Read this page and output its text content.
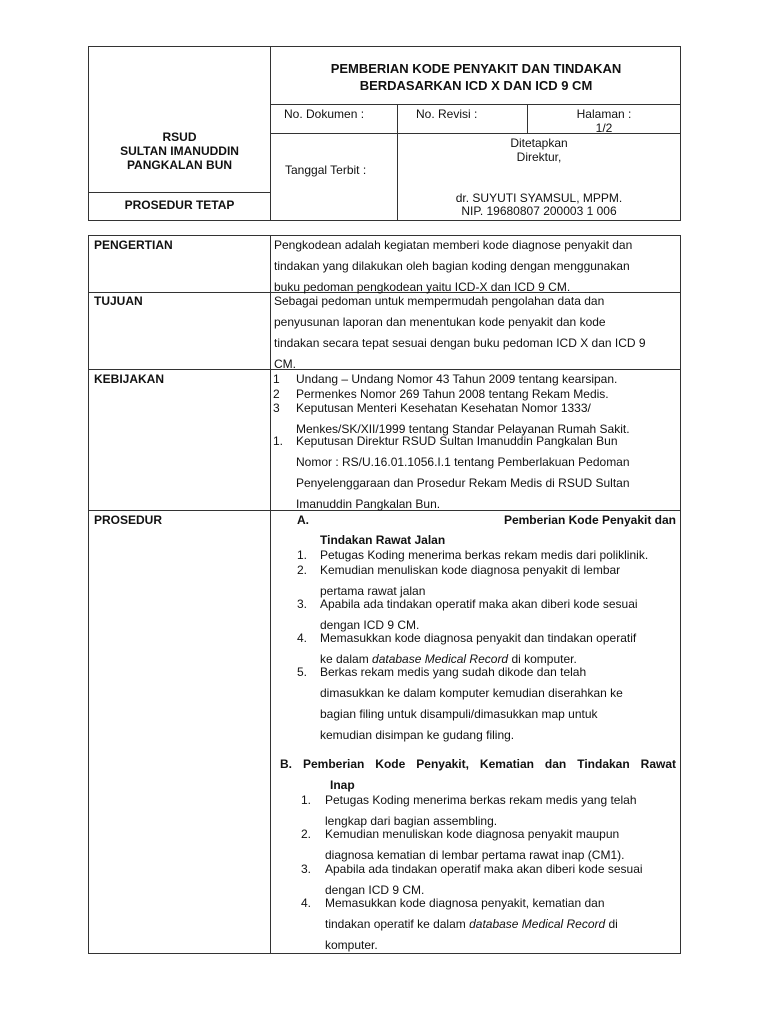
RSUD
SULTAN IMANUDDIN
PANGKALAN BUN
PEMBERIAN KODE PENYAKIT DAN TINDAKAN
BERDASARKAN ICD X DAN ICD 9 CM
No. Dokumen :	No. Revisi :	Halaman :
1/2
Tanggal Terbit :
Ditetapkan
Direktur,
dr. SUYUTI SYAMSUL, MPPM.
NIP. 19680807 200003 1 006
PROSEDUR TETAP
PENGERTIAN	Pengkodean adalah kegiatan memberi kode diagnose penyakit dan
tindakan yang dilakukan oleh bagian koding dengan menggunakan
buku pedoman pengkodean yaitu ICD-X dan ICD 9 CM.
TUJUAN	Sebagai pedoman untuk mempermudah pengolahan data dan
penyusunan laporan dan menentukan kode penyakit dan kode
tindakan secara tepat sesuai dengan buku pedoman ICD X dan ICD 9
CM.
KEBIJAKAN	1 Undang – Undang Nomor 43 Tahun 2009 tentang kearsipan.
2 Permenkes Nomor 269 Tahun 2008 tentang Rekam Medis.
3 Keputusan Menteri Kesehatan Kesehatan Nomor 1333/
Menkes/SK/XII/1999 tentang Standar Pelayanan Rumah Sakit.
1. Keputusan Direktur RSUD Sultan Imanuddin Pangkalan Bun
Nomor : RS/U.16.01.1056.I.1 tentang Pemberlakuan Pedoman
Penyelenggaraan dan Prosedur Rekam Medis di RSUD Sultan
Imanuddin Pangkalan Bun.
PROSEDUR	A.	Pemberian Kode Penyakit dan
Tindakan Rawat Jalan
1. Petugas Koding menerima berkas rekam medis dari poliklinik.
2. Kemudian menuliskan kode diagnosa penyakit di lembar
pertama rawat jalan
3. Apabila ada tindakan operatif maka akan diberi kode sesuai
dengan ICD 9 CM.
4. Memasukkan kode diagnosa penyakit dan tindakan operatif
ke dalam database Medical Record di komputer.
5. Berkas rekam medis yang sudah dikode dan telah
dimasukkan ke dalam komputer kemudian diserahkan ke
bagian filing untuk disampuli/dimasukkan map untuk
kemudian disimpan ke gudang filing.
B. Pemberian Kode Penyakit, Kematian dan Tindakan Rawat
Inap
1. Petugas Koding menerima berkas rekam medis yang telah
lengkap dari bagian assembling.
2. Kemudian menuliskan kode diagnosa penyakit maupun
diagnosa kematian di lembar pertama rawat inap (CM1).
3. Apabila ada tindakan operatif maka akan diberi kode sesuai
dengan ICD 9 CM.
4. Memasukkan kode diagnosa penyakit, kematian dan
tindakan operatif ke dalam database Medical Record di
komputer.
